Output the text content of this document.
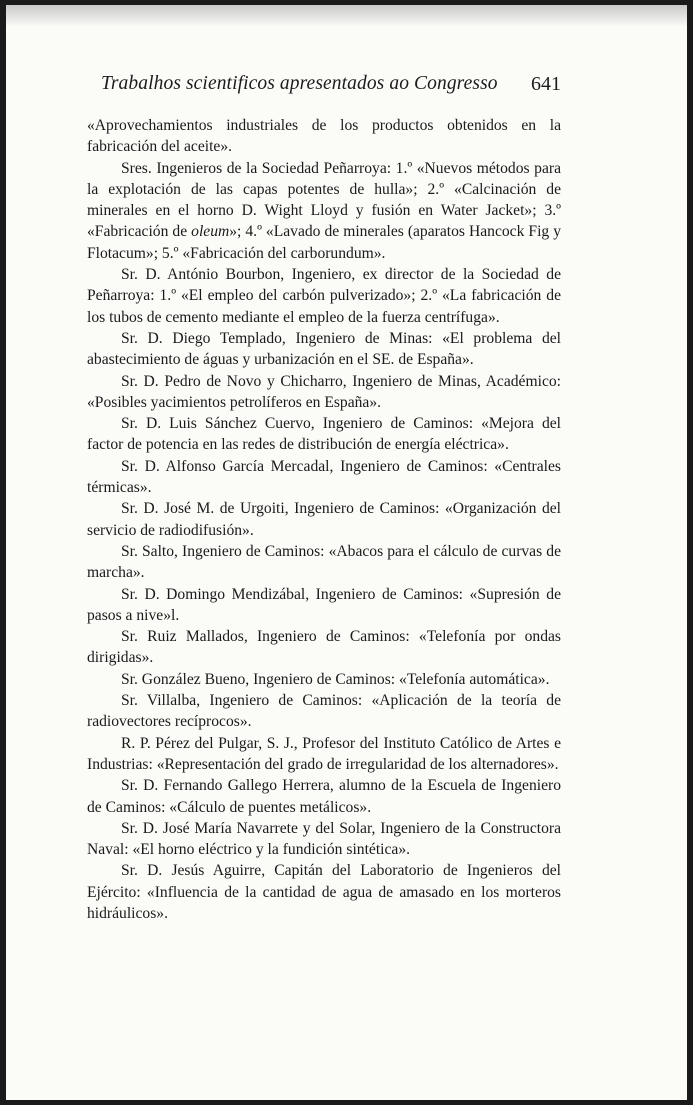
Trabalhos scientificos apresentados ao Congresso 641

«Aprovechamientos industriales de los productos obtenidos en la fabricación del aceite».

Sres. Ingenieros de la Sociedad Peñarroya: 1.º «Nuevos métodos para la explotación de las capas potentes de hulla»; 2.º «Calcinación de minerales en el horno D. Wight Lloyd y fusión en Water Jacket»; 3.º «Fabricación de oleum»; 4.º «Lavado de minerales (aparatos Hancock Fig y Flotacum»; 5.º «Fabricación del carborundum».

Sr. D. António Bourbon, Ingeniero, ex director de la Sociedad de Peñarroya: 1.º «El empleo del carbón pulverizado»; 2.º «La fabricación de los tubos de cemento mediante el empleo de la fuerza centrífuga».

Sr. D. Diego Templado, Ingeniero de Minas: «El problema del abastecimiento de águas y urbanización en el SE. de España».

Sr. D. Pedro de Novo y Chicharro, Ingeniero de Minas, Académico: «Posibles yacimientos petrolíferos en España».

Sr. D. Luis Sánchez Cuervo, Ingeniero de Caminos: «Mejora del factor de potencia en las redes de distribución de energía eléctrica».

Sr. D. Alfonso García Mercadal, Ingeniero de Caminos: «Centrales térmicas».

Sr. D. José M. de Urgoiti, Ingeniero de Caminos: «Organización del servicio de radiodifusión».

Sr. Salto, Ingeniero de Caminos: «Abacos para el cálculo de curvas de marcha».

Sr. D. Domingo Mendizábal, Ingeniero de Caminos: «Supresión de pasos a nive»l.

Sr. Ruiz Mallados, Ingeniero de Caminos: «Telefonía por ondas dirigidas».

Sr. González Bueno, Ingeniero de Caminos: «Telefonía automática».

Sr. Villalba, Ingeniero de Caminos: «Aplicación de la teoría de radiovectores recíprocos».

R. P. Pérez del Pulgar, S. J., Profesor del Instituto Católico de Artes e Industrias: «Representación del grado de irregularidad de los alternadores».

Sr. D. Fernando Gallego Herrera, alumno de la Escuela de Ingeniero de Caminos: «Cálculo de puentes metálicos».

Sr. D. José María Navarrete y del Solar, Ingeniero de la Constructora Naval: «El horno eléctrico y la fundición sintética».

Sr. D. Jesús Aguirre, Capitán del Laboratorio de Ingenieros del Ejército: «Influencia de la cantidad de agua de amasado en los morteros hidráulicos».
